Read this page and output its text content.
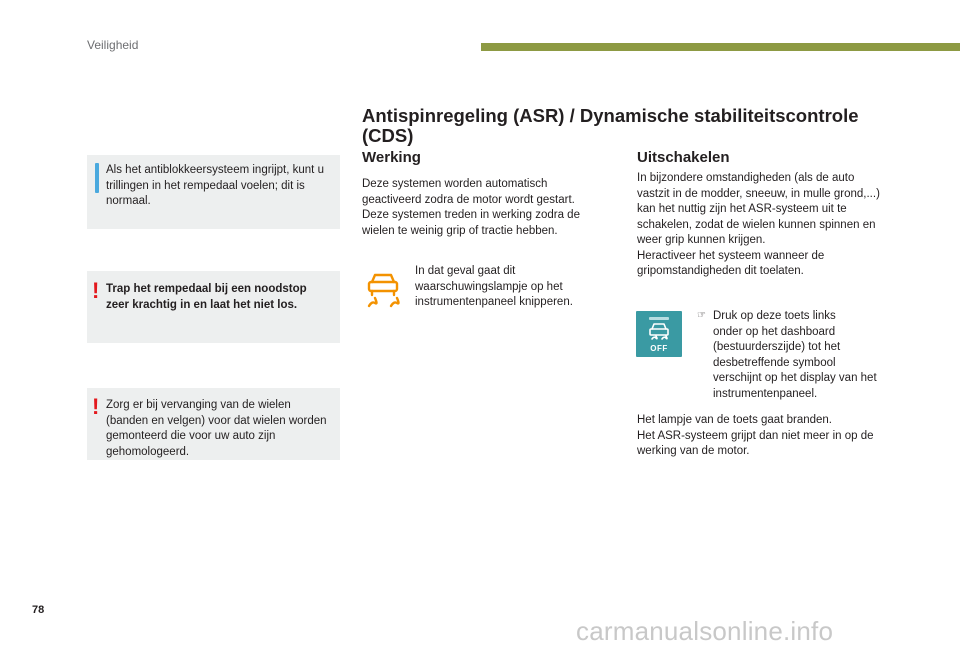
Veiligheid
Als het antiblokkeersysteem ingrijpt, kunt u trillingen in het rempedaal voelen; dit is normaal.
! Trap het rempedaal bij een noodstop zeer krachtig in en laat het niet los.
! Zorg er bij vervanging van de wielen (banden en velgen) voor dat wielen worden gemonteerd die voor uw auto zijn gehomologeerd.
Antispinregeling (ASR) / Dynamische stabiliteitscontrole
(CDS)
Werking
Deze systemen worden automatisch
geactiveerd zodra de motor wordt gestart.
Deze systemen treden in werking zodra de
wielen te weinig grip of tractie hebben.
In dat geval gaat dit
waarschuwingslampje op het
instrumentenpaneel knipperen.
Uitschakelen
In bijzondere omstandigheden (als de auto
vastzit in de modder, sneeuw, in mulle grond,...)
kan het nuttig zijn het ASR-systeem uit te
schakelen, zodat de wielen kunnen spinnen en
weer grip kunnen krijgen.
Heractiveer het systeem wanneer de
gripomstandigheden dit toelaten.
OFF
☞ Druk op deze toets links
onder op het dashboard
(bestuurderszijde) tot het
desbetreffende symbool
verschijnt op het display van het
instrumentenpaneel.
Het lampje van de toets gaat branden.
Het ASR-systeem grijpt dan niet meer in op de
werking van de motor.
78
carmanualsonline.info
